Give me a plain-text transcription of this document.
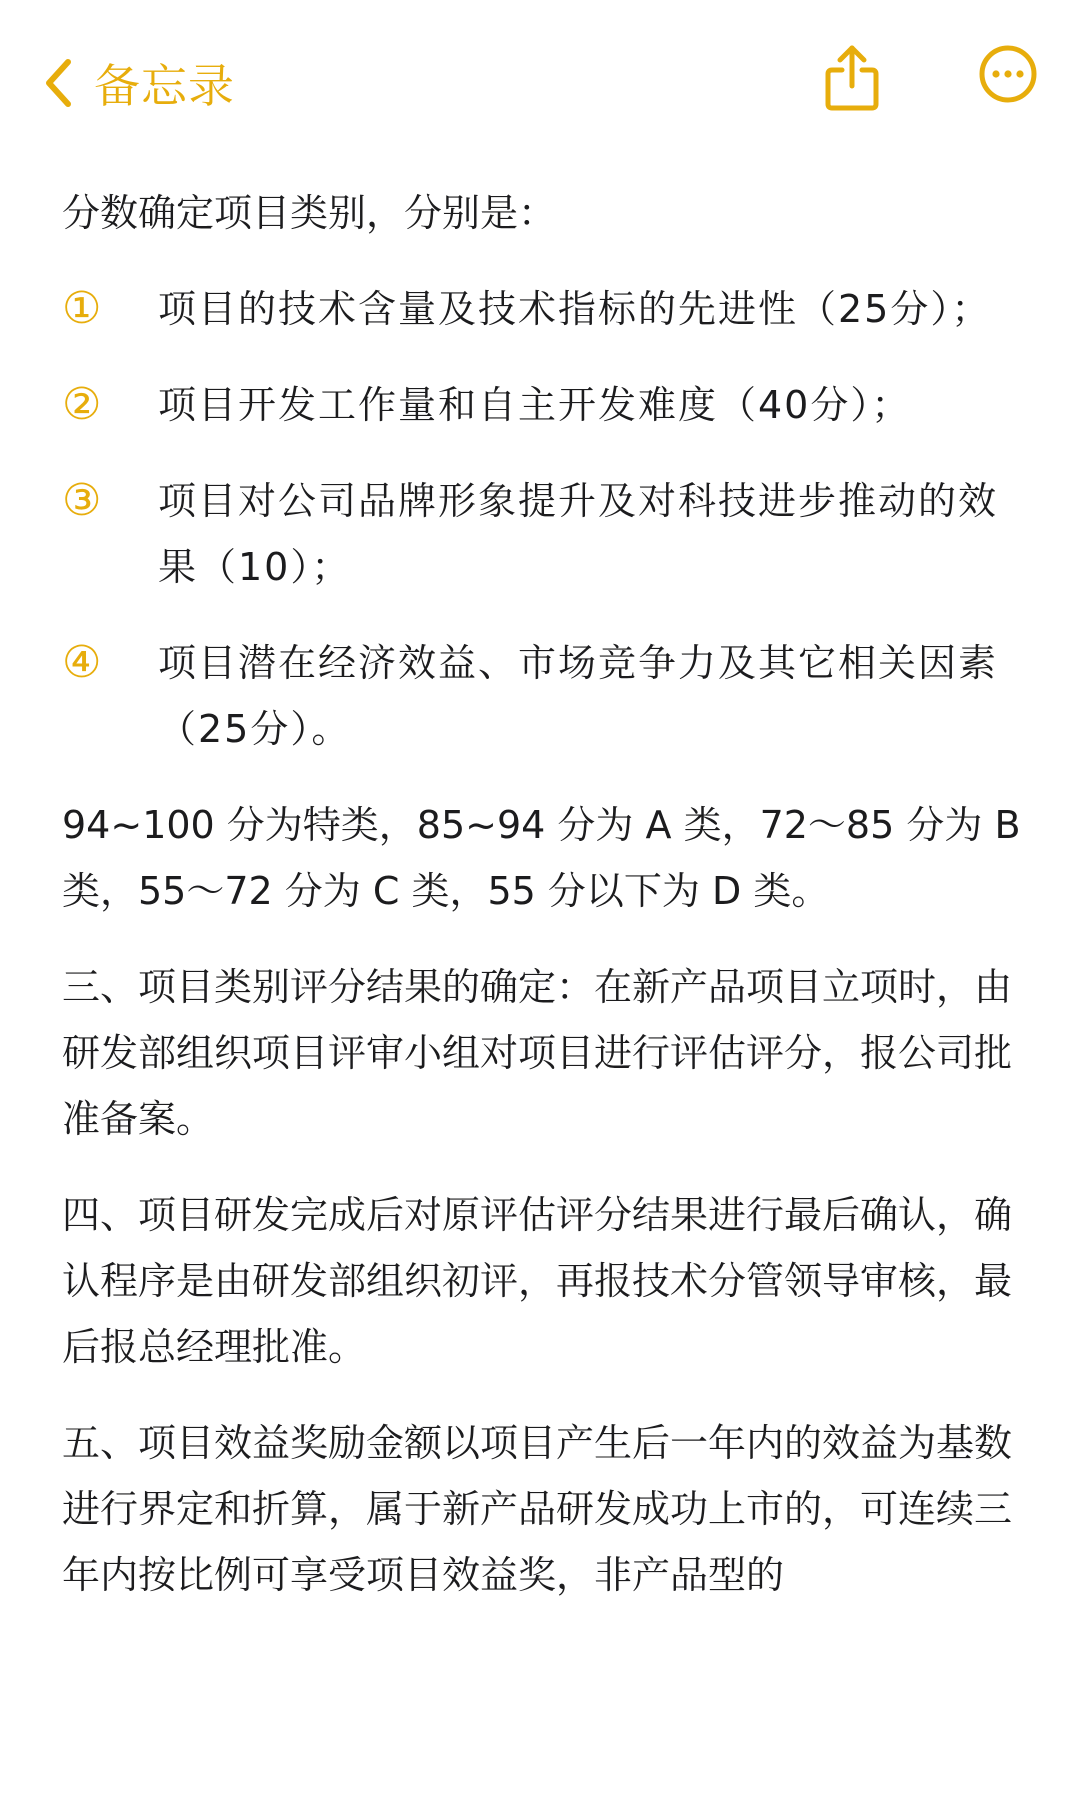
备忘录

分数确定项目类别，分别是：

①	项目的技术含量及技术指标的先进性（25分）；
②	项目开发工作量和自主开发难度（40分）；
③	项目对公司品牌形象提升及对科技进步推动的效果（10）；
④	项目潜在经济效益、市场竞争力及其它相关因素（25分）。

94~100 分为特类，85~94 分为 A 类，72～85 分为 B 类，55～72 分为 C 类，55 分以下为 D 类。

三、项目类别评分结果的确定：在新产品项目立项时，由研发部组织项目评审小组对项目进行评估评分，报公司批准备案。

四、项目研发完成后对原评估评分结果进行最后确认，确认程序是由研发部组织初评，再报技术分管领导审核，最后报总经理批准。

五、项目效益奖励金额以项目产生后一年内的效益为基数进行界定和折算，属于新产品研发成功上市的，可连续三年内按比例可享受项目效益奖，非产品型的
